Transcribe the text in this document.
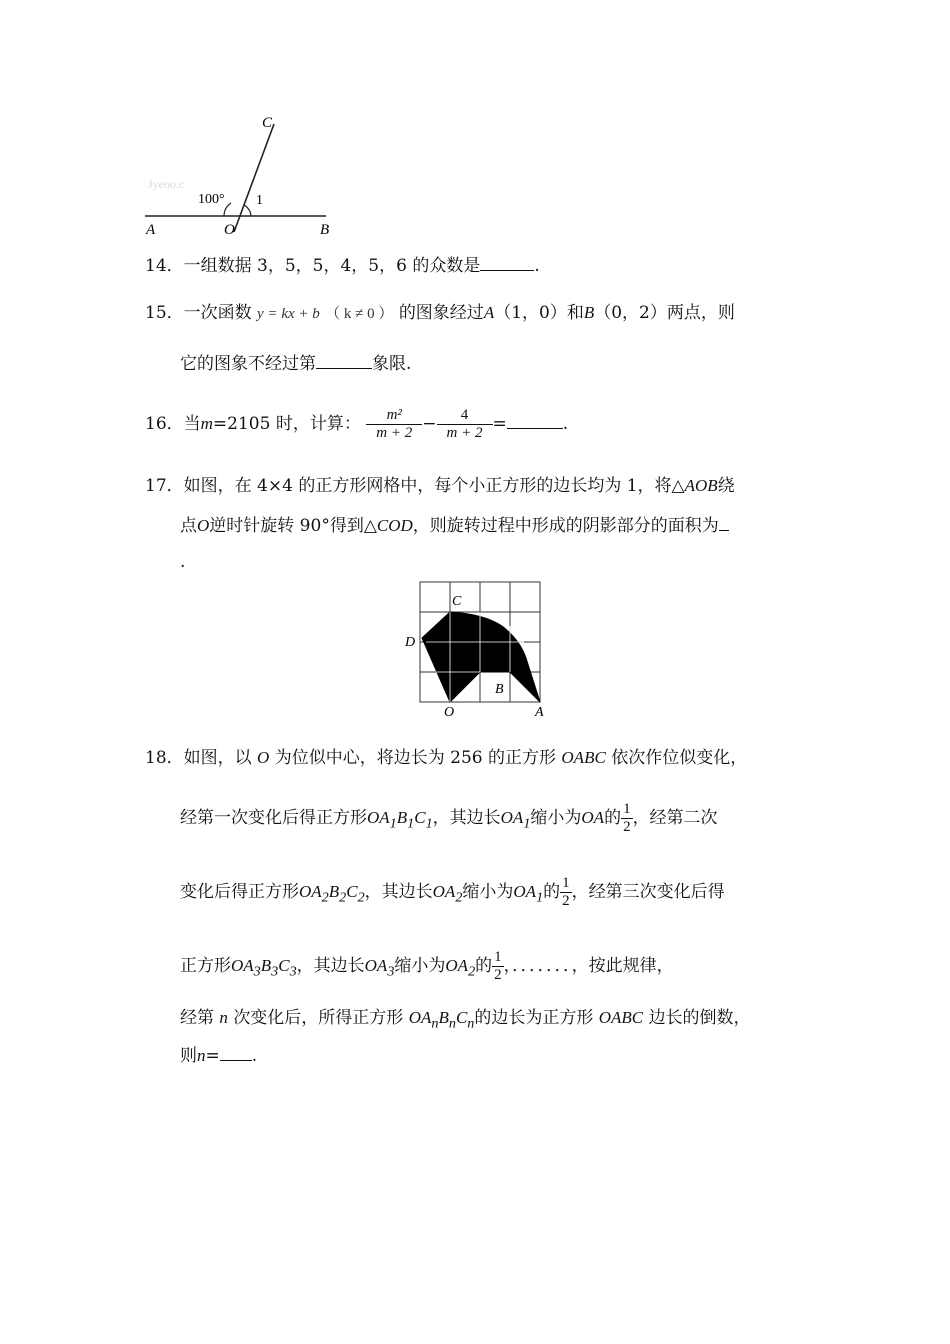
Jyeoo.c
100° 1
C
A	O	B
14．一组数据 3，5，5，4，5，6 的众数是	.
15．一次函数 y = kx + b （ k ≠ 0 ） 的图象经过A（1，0）和B（0，2）两点，则
它的图象不经过第	象限.
16．当m=2105 时，计算： $\frac{\text{m²}}{m + 2} - \frac{4}{m + 2}$ =	.
17．如图，在 4×4 的正方形网格中，每个小正方形的边长均为 1，将△AOB绕
点O逆时针旋转 90°得到△COD，则旋转过程中形成的阴影部分的面积为
.
C
D
B
O	A
18．如图，以 O 为位似中心，将边长为 256 的正方形 OABC 依次作位似变化，
经第一次变化后得正方形$OA_1B_1C_1$，其边长$OA_1$缩小为OA的 $\frac{1}{2}$ ，经第二次
变化后得正方形$OA_2B_2C_2$，其边长$OA_2$缩小为$OA_1$的 $\frac{1}{2}$ ，经第三次变化后得
正方形$OA_3B_3C_3$，其边长$OA_3$缩小为$OA_2$的 $\frac{1}{2}$ ，．．．．．．．，按此规律，
经第 n 次变化后，所得正方形 $OA_nB_nC_n$的边长为正方形 OABC 边长的倒数，
则n= .
